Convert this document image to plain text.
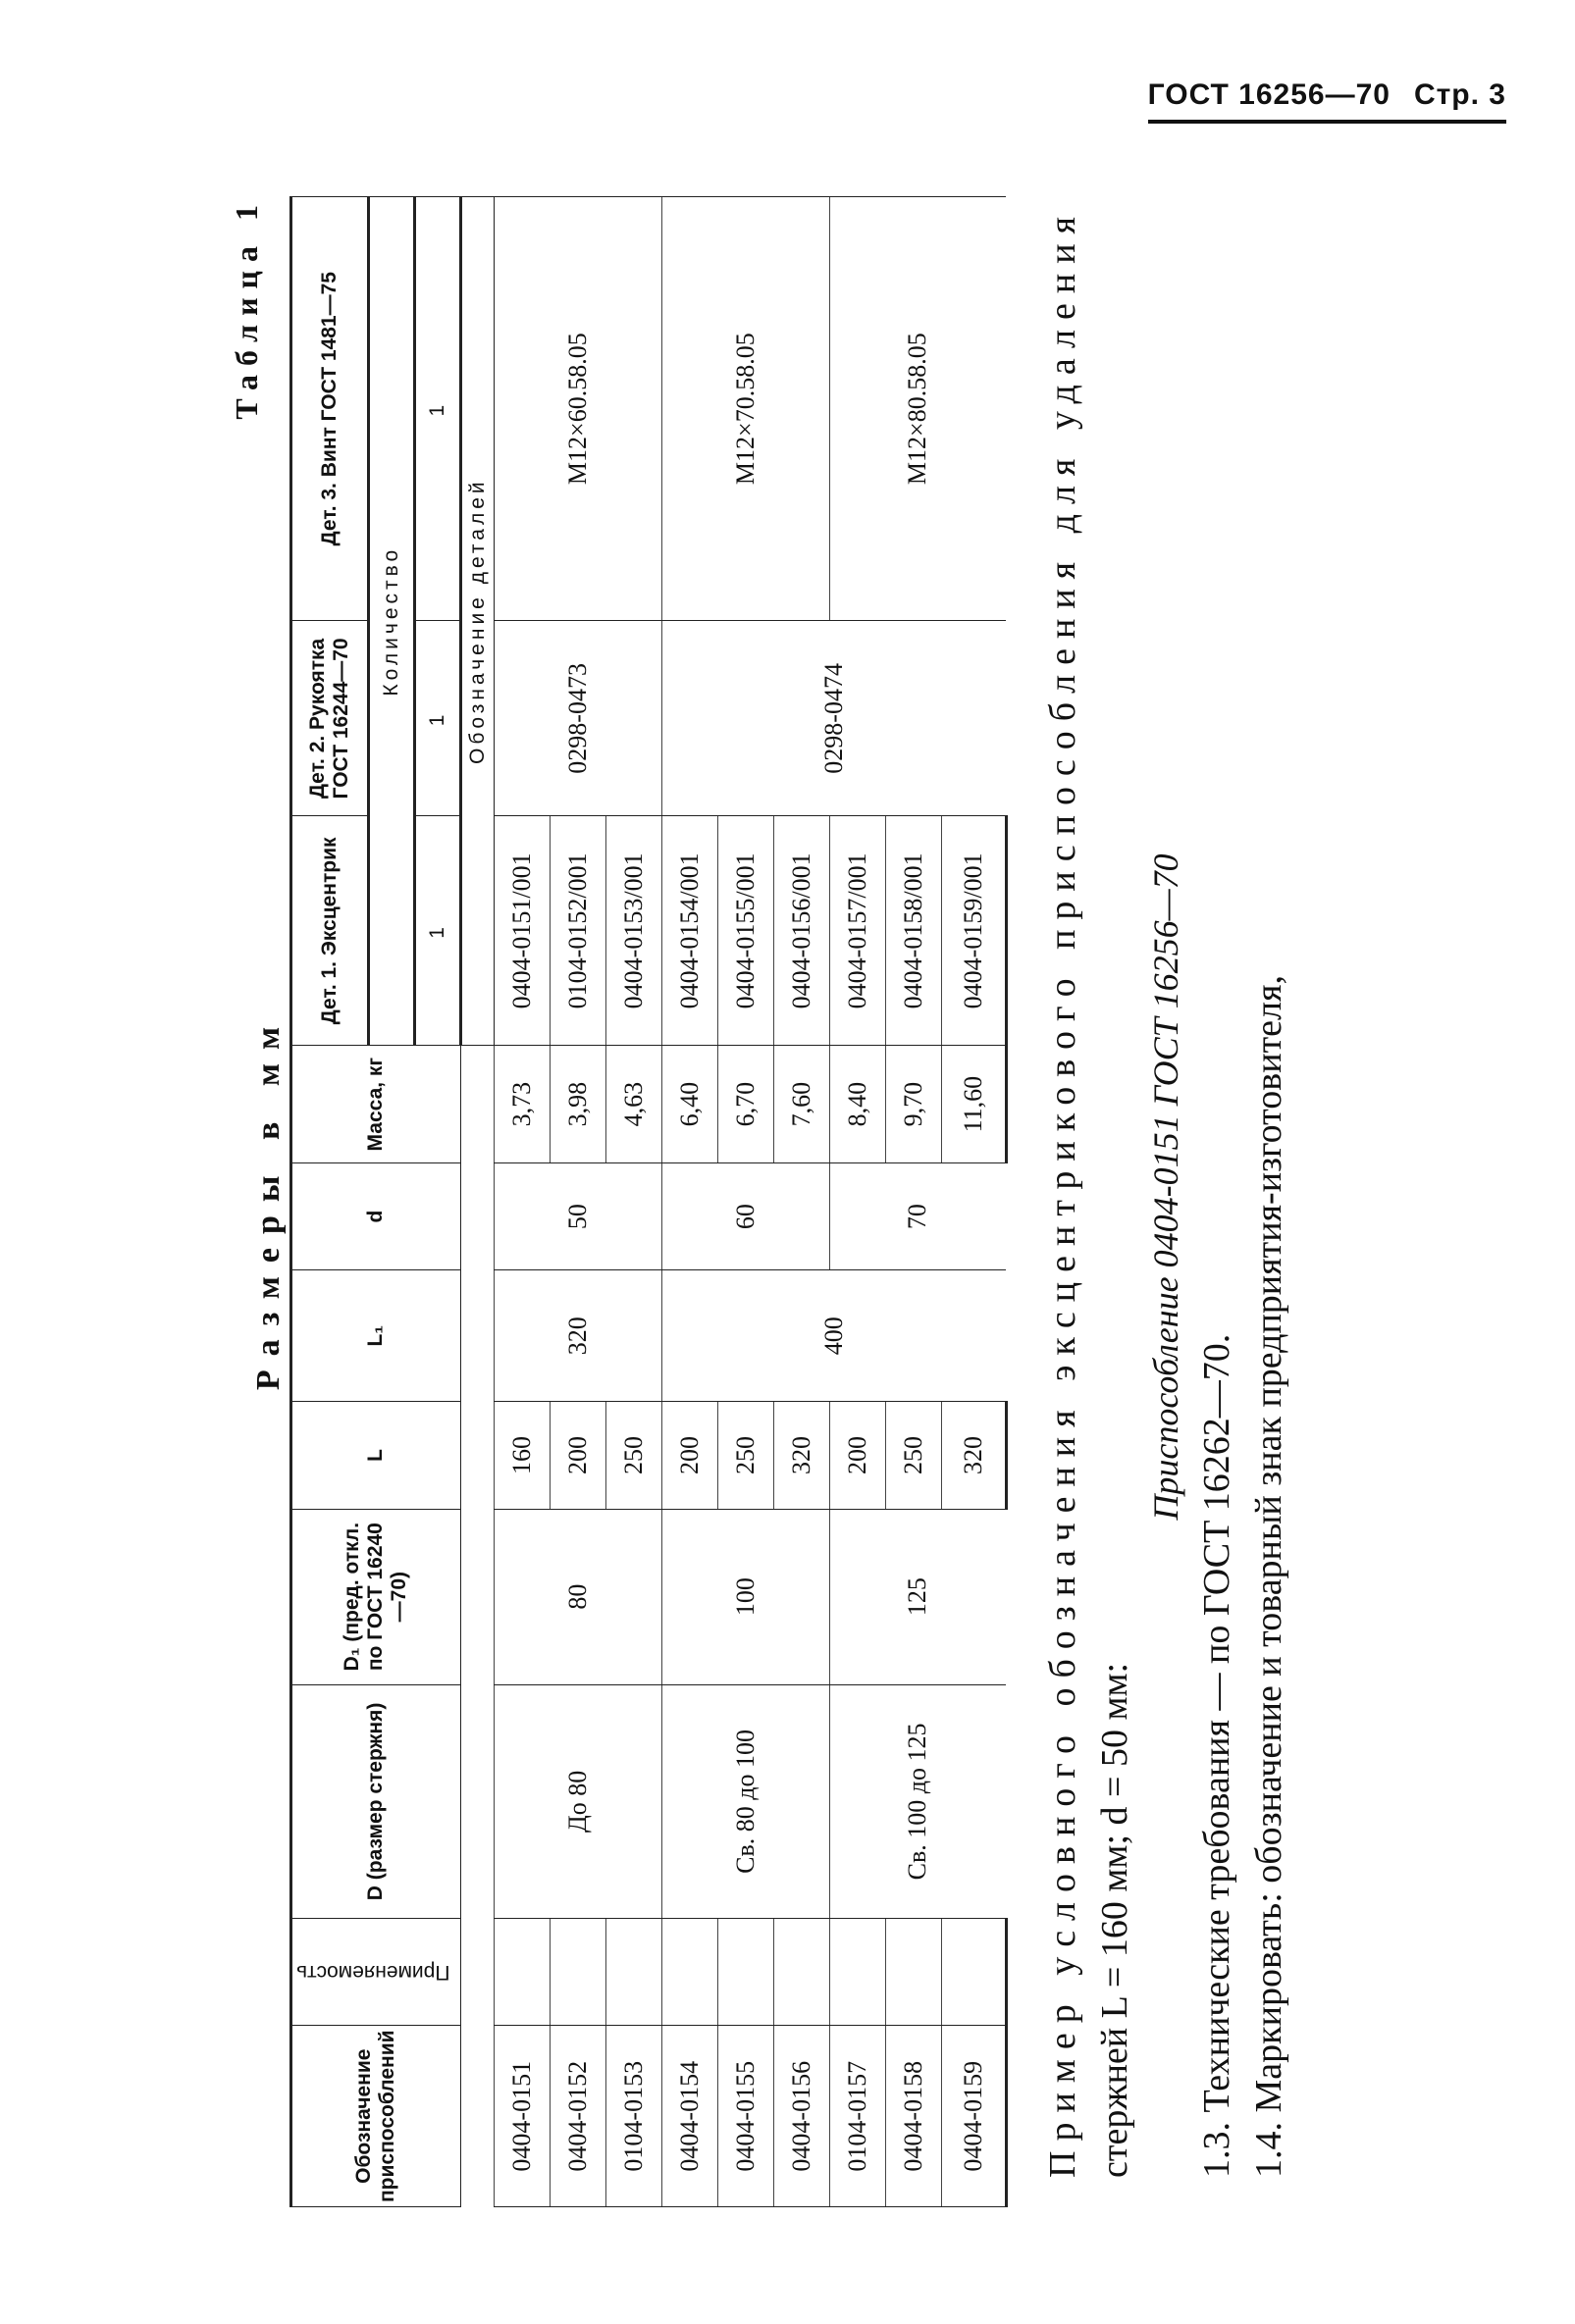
ГОСТ 16256—70 Стр. 3
Размеры в мм
Таблица 1
Обозначение приспособлений	Применяемость	D (размер стержня)	D₁ (пред. откл. по ГОСТ 16240—70)	L	L₁	d	Масса, кг	Дет. 1. Эксцентрик	Дет. 2. Рукоятка ГОСТ 16244—70	Дет. 3. Винт ГОСТ 1481—75
								Количество		
								1	1	1
								Обозначение деталей		
0404-0151		До 80	80	160	320	50	3,73	0404-0151/001	0298-0473	М12×60.58.05
0404-0152				200			3,98	0104-0152/001		
0104-0153				250			4,63	0404-0153/001		
0404-0154		Св. 80 до 100	100	200	400	60	6,40	0404-0154/001	0298-0474	М12×70.58.05
0404-0155				250			6,70	0404-0155/001		
0404-0156				320			7,60	0404-0156/001		
0104-0157		Св. 100 до 125	125	200		70	8,40	0404-0157/001		М12×80.58.05
0404-0158				250			9,70	0404-0158/001		
0404-0159				320			11,60	0404-0159/001		Пример условного обозначения эксцентрикового приспособления для удаления стержней L = 160 мм; d = 50 мм:

Приспособление 0404-0151 ГОСТ 16256—70

1.3. Технические требования — по ГОСТ 16262—70. 1.4. Маркировать: обозначение и товарный знак предприятия-изготовителя,
